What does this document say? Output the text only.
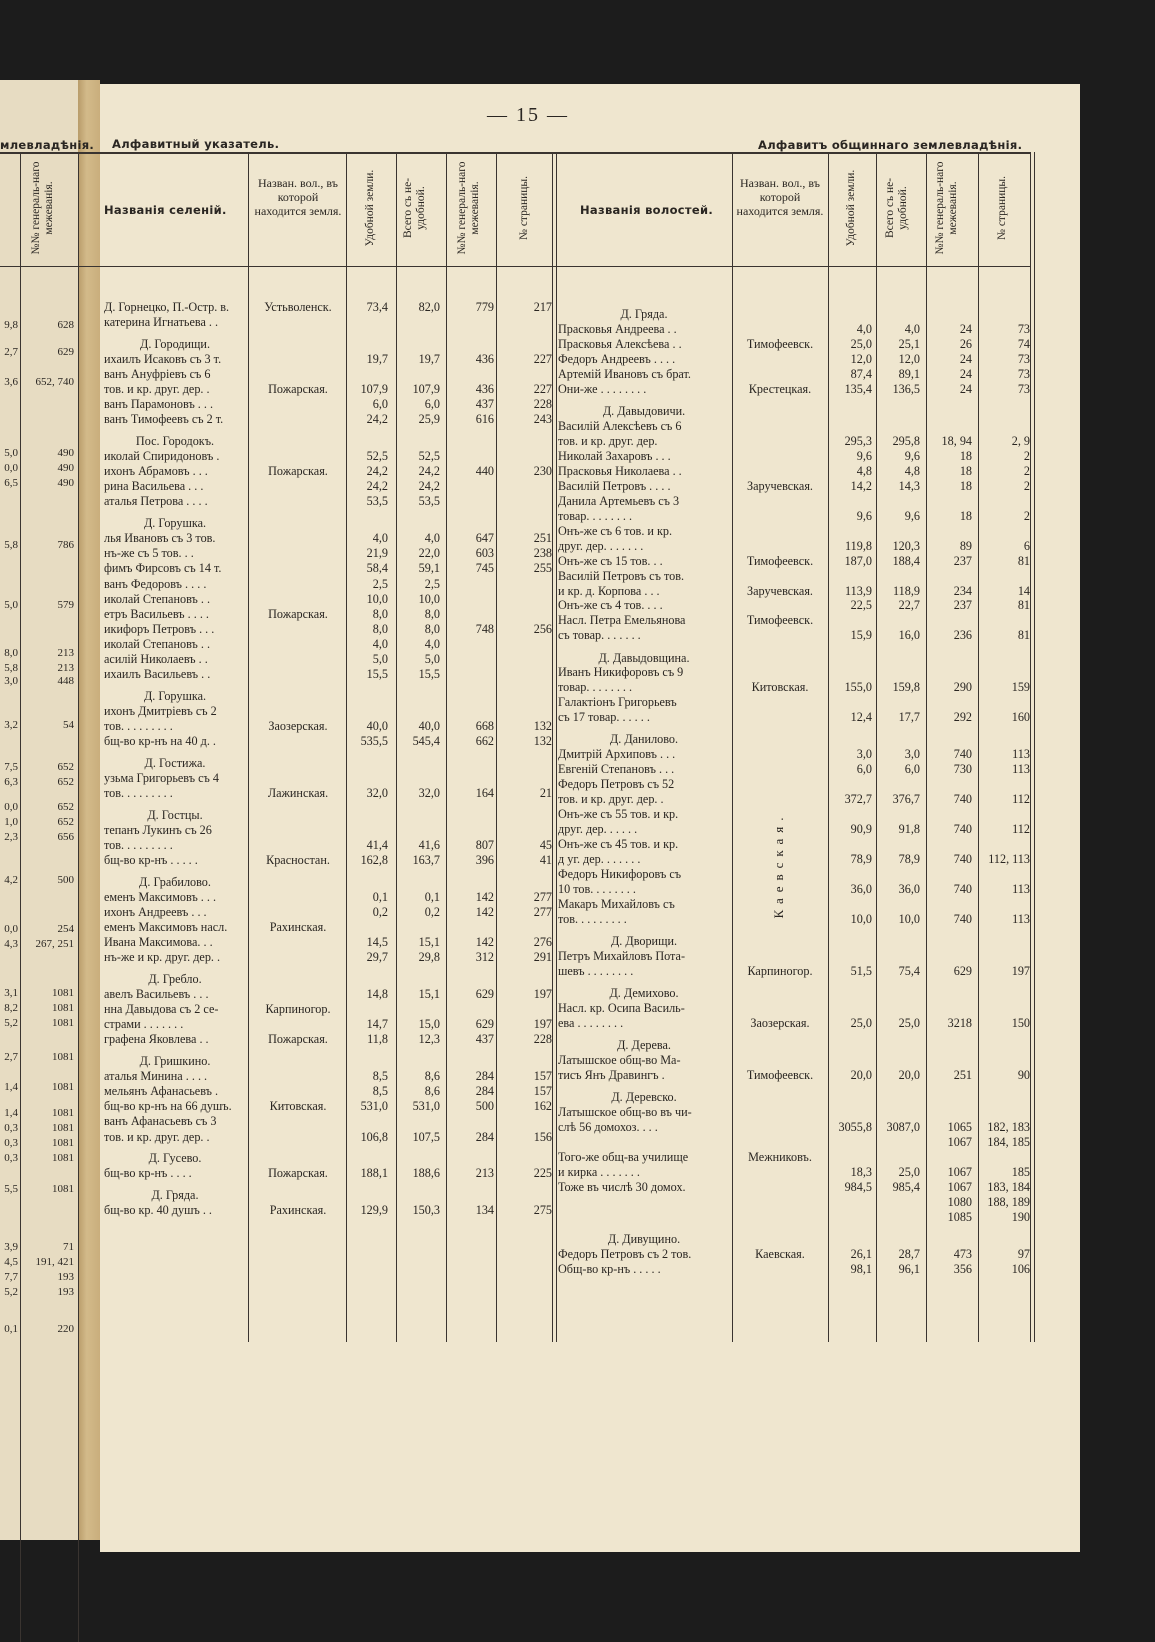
— 15 —
млевладѣнія. Алфавитный указатель.	Алфавитъ общиннаго землевладѣнія.
Названія селеній.
Назван. вол., въ которой находится земля. Удобной земли. Всего съ не-удобной.	№№ генераль-наго межеванія.	№ страницы.	Названія волостей.
Назван. вол., въ которой находится земля. Удобной земли. Всего съ не-удобной. №№ генераль-наго межеванія.	№ страницы.
№№ генераль-наго межеванія.
Каевская.
Д. Горнецко, П.-Остр. в.	Устьволенск.	73,4	82,0	779	217
катерина Игнатьева . .
Д. Городищи.
ихаилъ Исаковъ съ 3 т.	19,7	19,7	436	227
ванъ Ануфріевъ съ 6
тов. и кр. друг. дер. .	Пожарская.	107,9	107,9	436	227
ванъ Парамоновъ . . .	6,0	6,0	437	228
ванъ Тимофеевъ съ 2 т.	24,2	25,9	616	243
Пос. Городокъ.
иколай Спиридоновъ .	52,5	52,5
ихонъ Абрамовъ . . .	Пожарская.	24,2	24,2	440	230
рина Васильева . . .	24,2	24,2
аталья Петрова . . . .	53,5	53,5
Д. Горушка.
лья Ивановъ съ 3 тов.	4,0	4,0	647	251
нъ-же съ 5 тов. . .	21,9	22,0	603	238
фимъ Фирсовъ съ 14 т.	58,4	59,1	745	255
ванъ Федоровъ . . . .	2,5	2,5
иколай Степановъ . .	10,0	10,0
етръ Васильевъ . . . .	Пожарская.	8,0	8,0
икифоръ Петровъ . . .	8,0	8,0	748	256
иколай Степановъ . .	4,0	4,0
асилій Николаевъ . .	5,0	5,0
ихаилъ Васильевъ . .	15,5	15,5
Д. Горушка.
ихонъ Дмитріевъ съ 2
тов. . . . . . . . .	Заозерская.	40,0	40,0	668	132
бщ-во кр-нъ на 40 д. .	535,5	545,4	662	132
Д. Гостижа.
узьма Григорьевъ съ 4
тов. . . . . . . . .	Лажинская.	32,0	32,0	164	21
Д. Гостцы.
тепанъ Лукинъ съ 26
тов. . . . . . . . .	41,4	41,6	807	45
бщ-во кр-нъ . . . . .	Красностан.	162,8	163,7	396	41
Д. Грабилово.
еменъ Максимовъ . . .	0,1	0,1	142	277
ихонъ Андреевъ . . .	0,2	0,2	142	277
еменъ Максимовъ насл.	Рахинская.
Ивана Максимова. . .	14,5	15,1	142	276
нъ-же и кр. друг. дер. .	29,7	29,8	312	291
Д. Гребло.
авелъ Васильевъ . . .	14,8	15,1	629	197
нна Давыдова съ 2 се-	Карпиногор.
страми . . . . . . .	14,7	15,0	629	197
графена Яковлева . .	Пожарская.	11,8	12,3	437	228
Д. Гришкино.
аталья Минина . . . .	8,5	8,6	284	157
мельянъ Афанасьевъ .	8,5	8,6	284	157
бщ-во кр-нъ на 66 душъ.	Китовская.	531,0	531,0	500	162
ванъ Афанасьевъ съ 3
тов. и кр. друг. дер. .	106,8	107,5	284	156
Д. Гусево.
бщ-во кр-нъ . . . .	Пожарская.	188,1	188,6	213	225
Д. Гряда.
бщ-во кр. 40 душъ . .	Рахинская.	129,9	150,3	134	275
Д. Гряда.
Прасковья Андреева . .	4,0	4,0	24	73
Прасковья Алексѣева . .	Тимофеевск.	25,0	25,1	26	74
Федоръ Андреевъ . . . .	12,0	12,0	24	73
Артемій Ивановъ съ брат.	87,4	89,1	24	73
Они-же . . . . . . . .	Крестецкая.	135,4	136,5	24	73
Д. Давыдовичи.
Василій Алексѣевъ съ 6
тов. и кр. друг. дер.	295,3	295,8	18, 94	2, 9
Николай Захаровъ . . .	9,6	9,6	18	2
Прасковья Николаева . .	4,8	4,8	18	2
Василій Петровъ . . . .	Заручевская.	14,2	14,3	18	2
Данила Артемьевъ съ 3
товар. . . . . . . .	9,6	9,6	18	2
Онъ-же съ 6 тов. и кр.
друг. дер. . . . . . .	119,8	120,3	89	6
Онъ-же съ 15 тов. . .	Тимофеевск.	187,0	188,4	237	81
Василій Петровъ съ тов.
и кр. д. Корпова . . .	Заручевская.	113,9	118,9	234	14
Онъ-же съ 4 тов. . . .	22,5	22,7	237	81
Насл. Петра Емельянова	Тимофеевск.
съ товар. . . . . . .	15,9	16,0	236	81
Д. Давыдовщина.
Иванъ Никифоровъ съ 9
товар. . . . . . . .	Китовская.	155,0	159,8	290	159
Галактіонъ Григорьевъ
съ 17 товар. . . . . .	12,4	17,7	292	160
Д. Данилово.
Дмитрій Архиповъ . . .	3,0	3,0	740	113
Евгеній Степановъ . . .	6,0	6,0	730	113
Федоръ Петровъ съ 52
тов. и кр. друг. дер. .	372,7	376,7	740	112
Онъ-же съ 55 тов. и кр.
друг. дер. . . . . .	90,9	91,8	740	112
Онъ-же съ 45 тов. и кр.
д уг. дер. . . . . . .	78,9	78,9	740	112, 113
Федоръ Никифоровъ съ
10 тов. . . . . . . .	36,0	36,0	740	113
Макаръ Михайловъ съ
тов. . . . . . . . .	10,0	10,0	740	113
Д. Дворищи.
Петръ Михайловъ Пота-
шевъ . . . . . . . .	Карпиногор.	51,5	75,4	629	197
Д. Демихово.
Насл. кр. Осипа Василь-
ева . . . . . . . .	Заозерская.	25,0	25,0	3218	150
Д. Дерева.
Латышское общ-во Ма-
тисъ Янъ Дравингъ .	Тимофеевск.	20,0	20,0	251	90
Д. Деревско.
Латышское общ-во въ чи-
слѣ 56 домохоз. . . .	3055,8	3087,0	1065	182, 183
1067	184, 185
Того-же общ-ва училище	Межниковъ.
и кирка . . . . . . .	18,3	25,0	1067	185
Тоже въ числѣ 30 домох.	984,5	985,4	1067	183, 184
1080	188, 189
1085	190
Д. Дивущино.
Федоръ Петровъ съ 2 тов.	Каевская.	26,1	28,7	473	97
Общ-во кр-нъ . . . . .	98,1	96,1	356	106
9,8	628
2,7	629
3,6	652, 740
5,0	490
0,0	490
6,5	490
5,8	786
5,0	579
8,0	213
5,8	213
3,0	448
3,2	54
7,5	652
6,3	652
0,0	652
1,0	652
2,3	656
4,2	500
0,0	254
4,3	267, 251
3,1	1081
8,2	1081
5,2	1081
2,7	1081
1,4	1081
1,4	1081
0,3	1081
0,3	1081
0,3	1081
5,5	1081
3,9	71
4,5	191, 421
7,7	193
5,2	193
0,1	220
